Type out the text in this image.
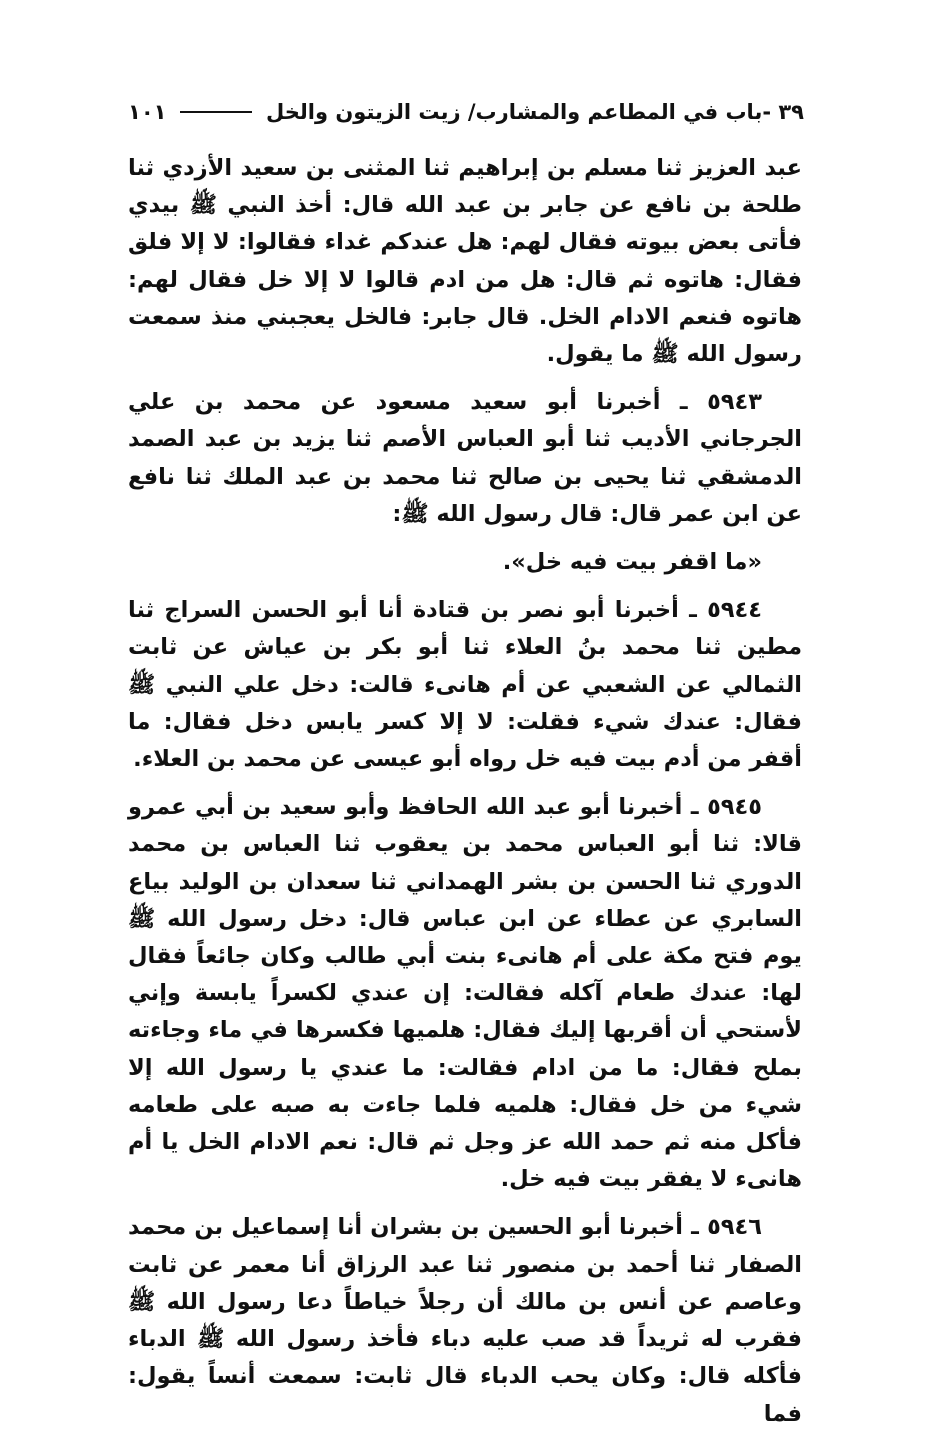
٣٩ -باب في المطاعم والمشارب/ زيت الزيتون والخل
١٠١

عبد العزيز ثنا مسلم بن إبراهيم ثنا المثنى بن سعيد الأزدي ثنا طلحة بن نافع عن جابر بن عبد الله قال: أخذ النبي ﷺ بيدي فأتى بعض بيوته فقال لهم: هل عندكم غداء فقالوا: لا إلا فلق فقال: هاتوه ثم قال: هل من ادم قالوا لا إلا خل فقال لهم: هاتوه فنعم الادام الخل. قال جابر: فالخل يعجبني منذ سمعت رسول الله ﷺ ما يقول.

٥٩٤٣ ـ أخبرنا أبو سعيد مسعود عن محمد بن علي الجرجاني الأديب ثنا أبو العباس الأصم ثنا يزيد بن عبد الصمد الدمشقي ثنا يحيى بن صالح ثنا محمد بن عبد الملك ثنا نافع عن ابن عمر قال: قال رسول الله ﷺ:

«ما اقفر بيت فيه خل».

٥٩٤٤ ـ أخبرنا أبو نصر بن قتادة أنا أبو الحسن السراج ثنا مطين ثنا محمد بنُ العلاء ثنا أبو بكر بن عياش عن ثابت الثمالي عن الشعبي عن أم هانىء قالت: دخل علي النبي ﷺ فقال: عندك شيء فقلت: لا إلا كسر يابس دخل فقال: ما أقفر من أدم بيت فيه خل رواه أبو عيسى عن محمد بن العلاء.

٥٩٤٥ ـ أخبرنا أبو عبد الله الحافظ وأبو سعيد بن أبي عمرو قالا: ثنا أبو العباس محمد بن يعقوب ثنا العباس بن محمد الدوري ثنا الحسن بن بشر الهمداني ثنا سعدان بن الوليد بياع السابري عن عطاء عن ابن عباس قال: دخل رسول الله ﷺ يوم فتح مكة على أم هانىء بنت أبي طالب وكان جائعاً فقال لها: عندك طعام آكله فقالت: إن عندي لكسراً يابسة وإني لأستحي أن أقربها إليك فقال: هلميها فكسرها في ماء وجاءته بملح فقال: ما من ادام فقالت: ما عندي يا رسول الله إلا شيء من خل فقال: هلميه فلما جاءت به صبه على طعامه فأكل منه ثم حمد الله عز وجل ثم قال: نعم الادام الخل يا أم هانىء لا يفقر بيت فيه خل.

٥٩٤٦ ـ أخبرنا أبو الحسين بن بشران أنا إسماعيل بن محمد الصفار ثنا أحمد بن منصور ثنا عبد الرزاق أنا معمر عن ثابت وعاصم عن أنس بن مالك أن رجلاً خياطاً دعا رسول الله ﷺ فقرب له ثريداً قد صب عليه دباء فأخذ رسول الله ﷺ الدباء فأكله قال: وكان يحب الدباء قال ثابت: سمعت أنساً يقول: فما
